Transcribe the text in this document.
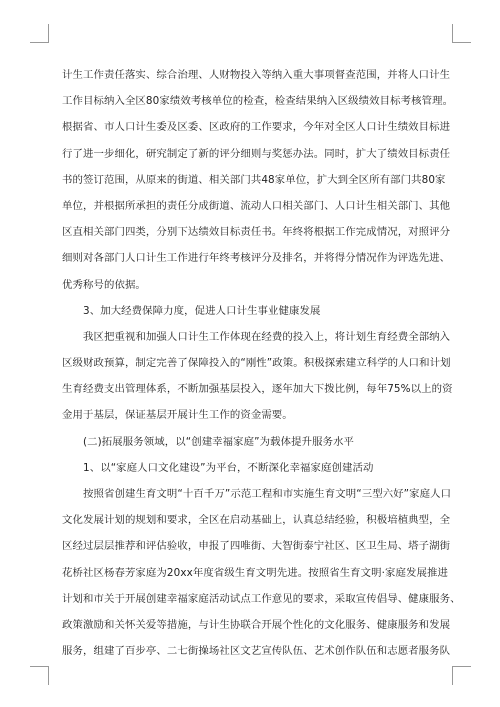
计生工作责任落实、综合治理、人财物投入等纳入重大事项督查范围，并将人口计生
工作目标纳入全区80家绩效考核单位的检查，检查结果纳入区级绩效目标考核管理。
根据省、市人口计生委及区委、区政府的工作要求，今年对全区人口计生绩效目标进
行了进一步细化，研究制定了新的评分细则与奖惩办法。同时，扩大了绩效目标责任
书的签订范围，从原来的街道、相关部门共48家单位，扩大到全区所有部门共80家
单位，并根据所承担的责任分成街道、流动人口相关部门、人口计生相关部门、其他
区直相关部门四类，分别下达绩效目标责任书。年终将根据工作完成情况，对照评分
细则对各部门人口计生工作进行年终考核评分及排名，并将得分情况作为评选先进、
优秀称号的依据。
3、加大经费保障力度，促进人口计生事业健康发展
我区把重视和加强人口计生工作体现在经费的投入上，将计划生育经费全部纳入
区级财政预算，制定完善了保障投入的“刚性”政策。积极探索建立科学的人口和计划
生育经费支出管理体系，不断加强基层投入，逐年加大下拨比例，每年75%以上的资
金用于基层，保证基层开展计生工作的资金需要。
(二)拓展服务领域，以“创建幸福家庭”为载体提升服务水平
1、以“家庭人口文化建设”为平台，不断深化幸福家庭创建活动
按照省创建生育文明“十百千万”示范工程和市实施生育文明“三型六好”家庭人口
文化发展计划的规划和要求，全区在启动基础上，认真总结经验，积极培植典型，全
区经过层层推荐和评估验收，申报了四唯街、大智街泰宁社区、区卫生局、塔子湖街
花桥社区杨春芳家庭为20xx年度省级生育文明先进。按照省生育文明·家庭发展推进
计划和市关于开展创建幸福家庭活动试点工作意见的要求，采取宣传倡导、健康服务、
政策激励和关怀关爱等措施，与计生协联合开展个性化的文化服务、健康服务和发展
服务，组建了百步亭、二七街操场社区文艺宣传队伍、艺术创作队伍和志愿者服务队
